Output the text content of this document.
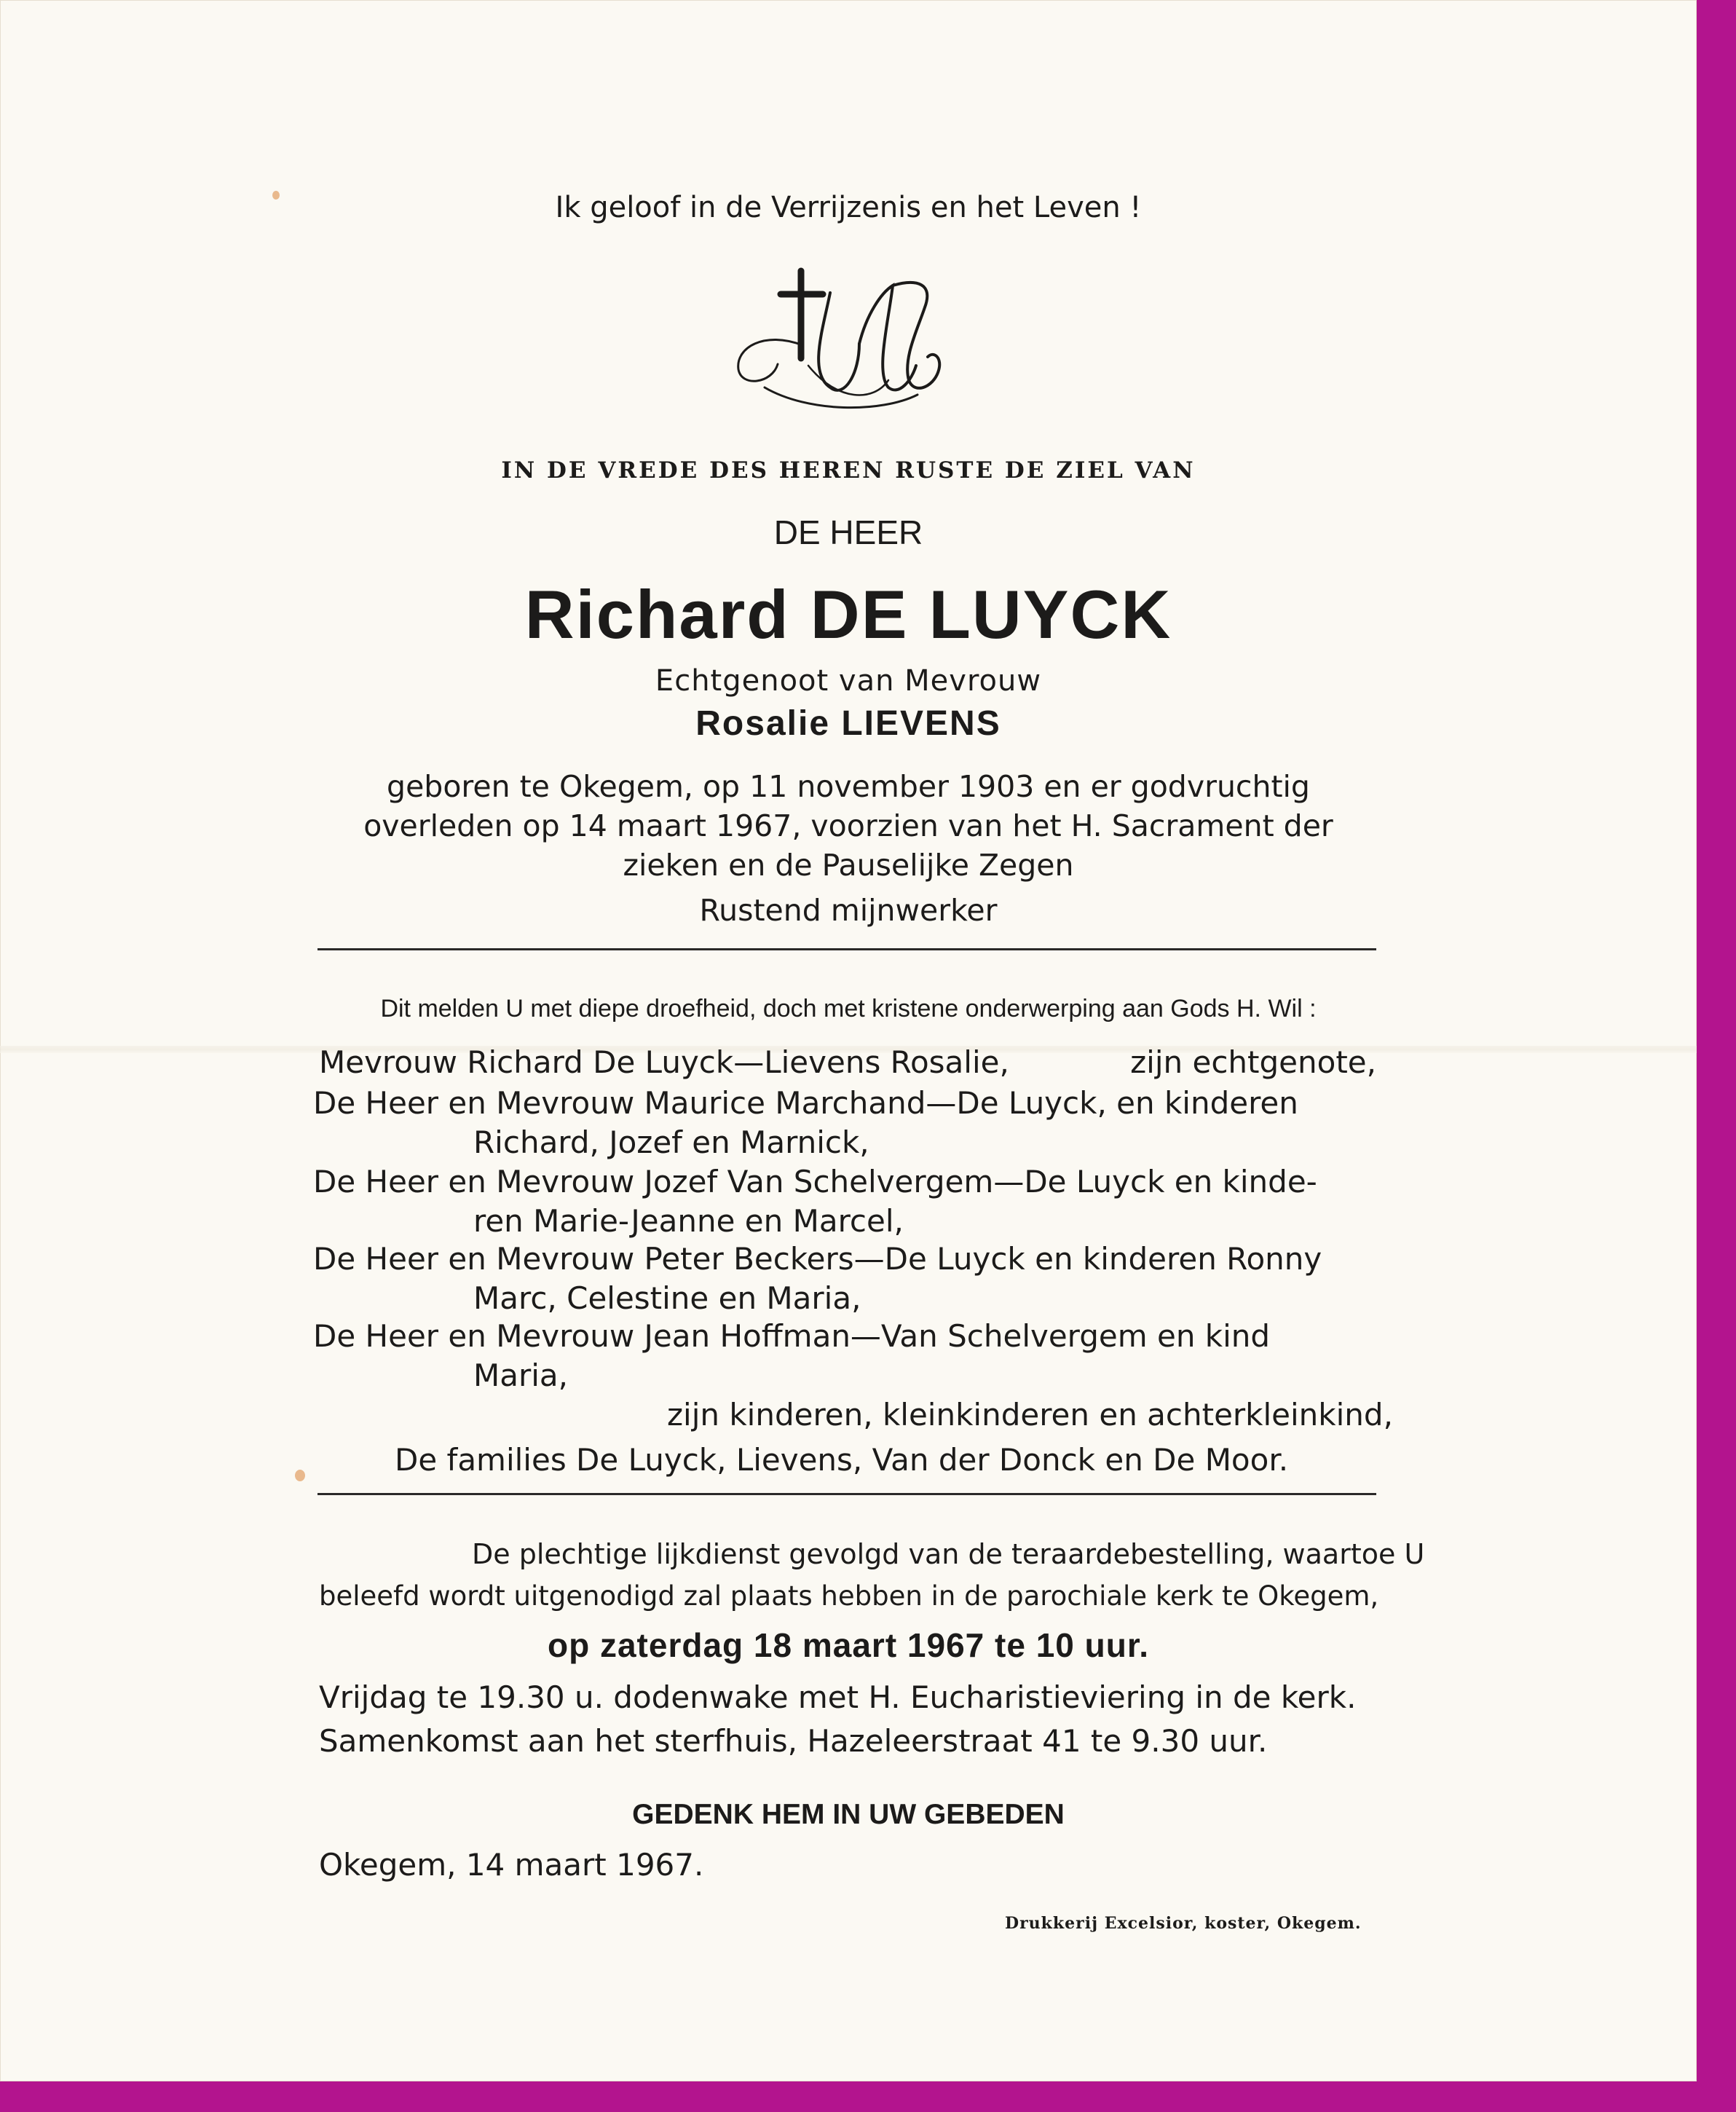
Ik geloof in de Verrijzenis en het Leven !

IN DE VREDE DES HEREN RUSTE DE ZIEL VAN

DE HEER

Richard DE LUYCK

Echtgenoot van Mevrouw

Rosalie LIEVENS

geboren te Okegem, op 11 november 1903 en er godvruchtig

overleden op 14 maart 1967, voorzien van het H. Sacrament der

zieken en de Pauselijke Zegen

Rustend mijnwerker

Dit melden U met diepe droefheid, doch met kristene onderwerping aan Gods H. Wil :

Mevrouw Richard De Luyck—Lievens Rosalie,	zijn echtgenote,

De Heer en Mevrouw Maurice Marchand—De Luyck, en kinderen

Richard, Jozef en Marnick,

De Heer en Mevrouw Jozef Van Schelvergem—De Luyck en kinde-

ren Marie-Jeanne en Marcel,

De Heer en Mevrouw Peter Beckers—De Luyck en kinderen Ronny

Marc, Celestine en Maria,

De Heer en Mevrouw Jean Hoffman—Van Schelvergem en kind

Maria,

zijn kinderen, kleinkinderen en achterkleinkind,

De families De Luyck, Lievens, Van der Donck en De Moor.

De plechtige lijkdienst gevolgd van de teraardebestelling, waartoe U

beleefd wordt uitgenodigd zal plaats hebben in de parochiale kerk te Okegem,

op zaterdag 18 maart 1967 te 10 uur.

Vrijdag te 19.30 u. dodenwake met H. Eucharistieviering in de kerk.

Samenkomst aan het sterfhuis, Hazeleerstraat 41 te 9.30 uur.

GEDENK HEM IN UW GEBEDEN

Okegem, 14 maart 1967.

Drukkerij Excelsior, koster, Okegem.
